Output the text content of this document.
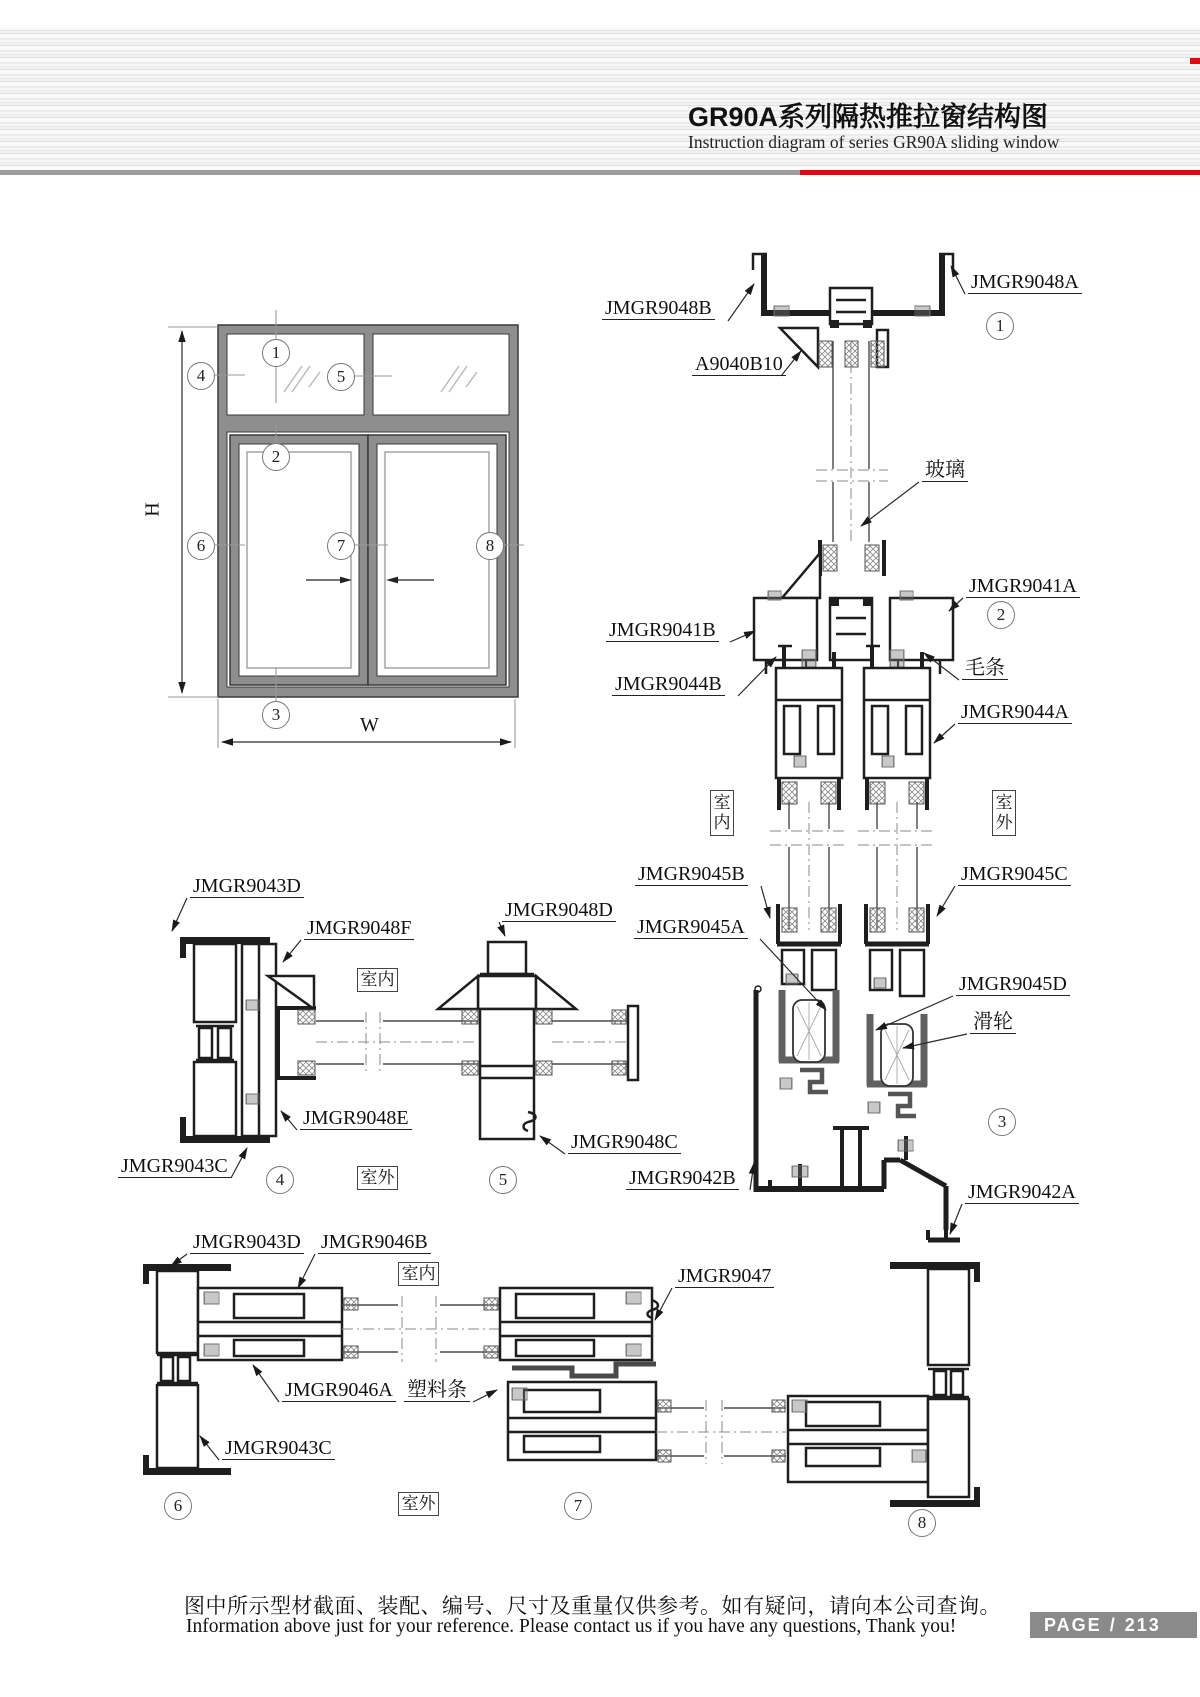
GR90A系列隔热推拉窗结构图
Instruction diagram of series GR90A sliding window
H
W
1
2
3
4	5
6	7	8
JMGR9048B
JMGR9048A
1
A9040B10
玻璃
JMGR9041B
JMGR9041A
2
毛条
JMGR9044B
JMGR9044A
室内
室外
JMGR9045B	JMGR9045C
JMGR9045A
JMGR9045D
滑轮
3
JMGR9042B
JMGR9042A
JMGR9043D
JMGR9048F
室内
JMGR9048D
JMGR9048E
JMGR9043C
4	室外	5
JMGR9048C
JMGR9043D JMGR9046B
室内	JMGR9047
JMGR9046A 塑料条
JMGR9043C
6	室外	7
8
图中所示型材截面、装配、编号、尺寸及重量仅供参考。如有疑问，请向本公司查询。
Information above just for your reference. Please contact us if you have any questions, Thank you!	PAGE / 213
